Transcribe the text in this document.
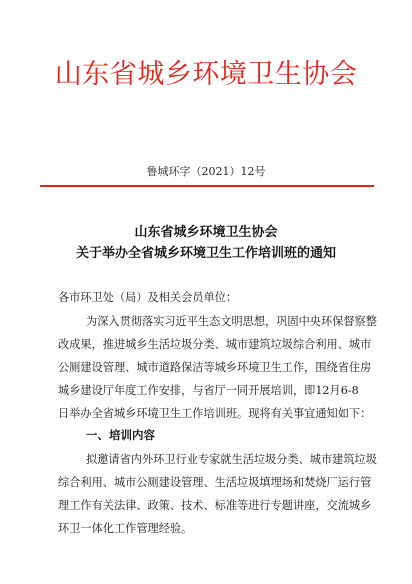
山东省城乡环境卫生协会
鲁城环字（2021）12号
山东省城乡环境卫生协会
关于举办全省城乡环境卫生工作培训班的通知
各市环卫处（局）及相关会员单位：
为深入贯彻落实习近平生态文明思想，巩固中央环保督察整
改成果，推进城乡生活垃圾分类、城市建筑垃圾综合利用、城市
公厕建设管理、城市道路保洁等城乡环境卫生工作，围绕省住房
城乡建设厅年度工作安排，与省厅一同开展培训，即12月6-8
日举办全省城乡环境卫生工作培训班。现将有关事宜通知如下：
一、培训内容
拟邀请省内外环卫行业专家就生活垃圾分类、城市建筑垃圾
综合利用、城市公厕建设管理、生活垃圾填埋场和焚烧厂运行管
理工作有关法律、政策、技术、标准等进行专题讲座，交流城乡
环卫一体化工作管理经验。
